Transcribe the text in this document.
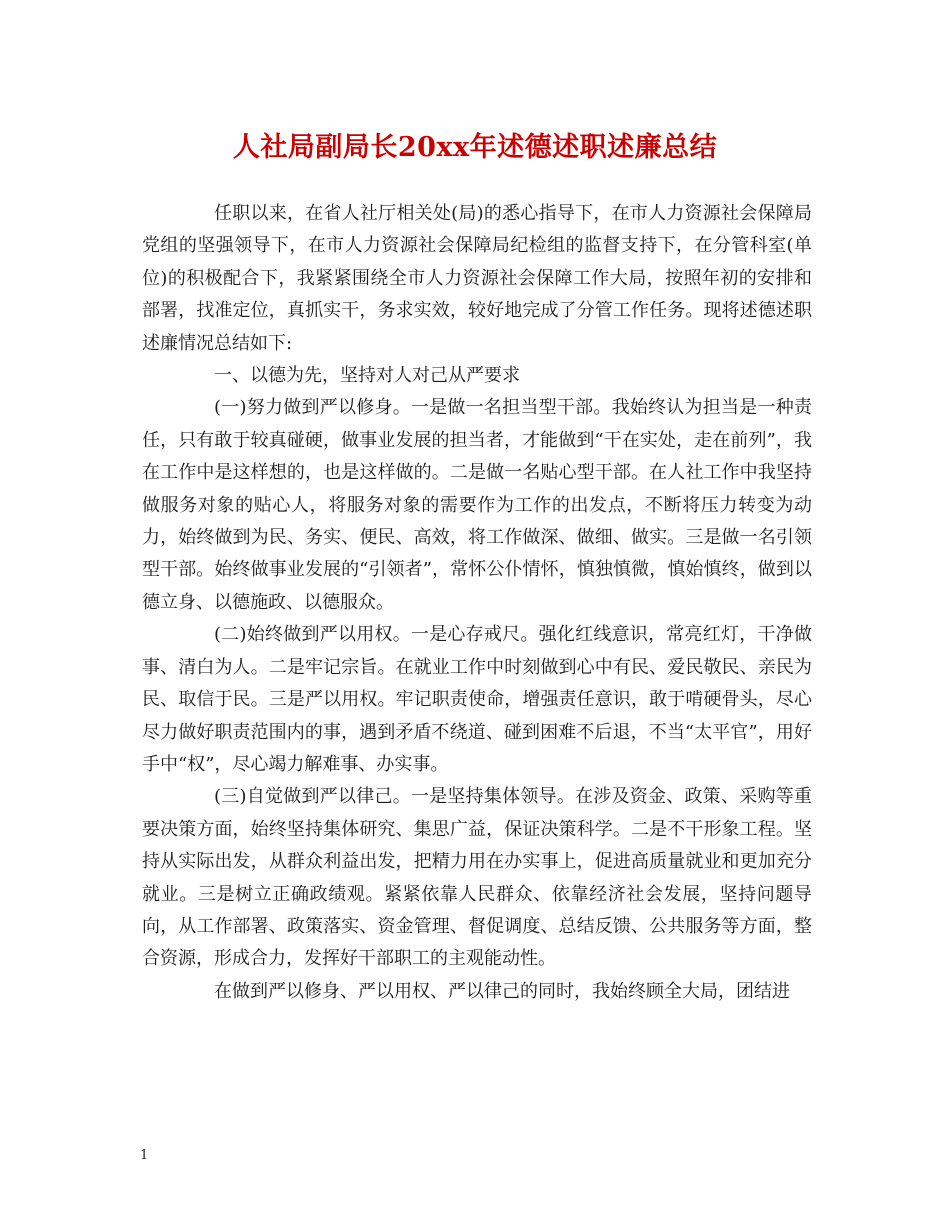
人社局副局长20xx年述德述职述廉总结

任职以来，在省人社厅相关处(局)的悉心指导下，在市人力资源社会保障局党组的坚强领导下，在市人力资源社会保障局纪检组的监督支持下，在分管科室(单位)的积极配合下，我紧紧围绕全市人力资源社会保障工作大局，按照年初的安排和部署，找准定位，真抓实干，务求实效，较好地完成了分管工作任务。现将述德述职述廉情况总结如下:

一、以德为先，坚持对人对己从严要求

(一)努力做到严以修身。一是做一名担当型干部。我始终认为担当是一种责任，只有敢于较真碰硬，做事业发展的担当者，才能做到“干在实处，走在前列”，我在工作中是这样想的，也是这样做的。二是做一名贴心型干部。在人社工作中我坚持做服务对象的贴心人，将服务对象的需要作为工作的出发点，不断将压力转变为动力，始终做到为民、务实、便民、高效，将工作做深、做细、做实。三是做一名引领型干部。始终做事业发展的“引领者”，常怀公仆情怀，慎独慎微，慎始慎终，做到以德立身、以德施政、以德服众。

(二)始终做到严以用权。一是心存戒尺。强化红线意识，常亮红灯，干净做事、清白为人。二是牢记宗旨。在就业工作中时刻做到心中有民、爱民敬民、亲民为民、取信于民。三是严以用权。牢记职责使命，增强责任意识，敢于啃硬骨头，尽心尽力做好职责范围内的事，遇到矛盾不绕道、碰到困难不后退，不当“太平官”，用好手中“权”，尽心竭力解难事、办实事。

(三)自觉做到严以律己。一是坚持集体领导。在涉及资金、政策、采购等重要决策方面，始终坚持集体研究、集思广益，保证决策科学。二是不干形象工程。坚持从实际出发，从群众利益出发，把精力用在办实事上，促进高质量就业和更加充分就业。三是树立正确政绩观。紧紧依靠人民群众、依靠经济社会发展，坚持问题导向，从工作部署、政策落实、资金管理、督促调度、总结反馈、公共服务等方面，整合资源，形成合力，发挥好干部职工的主观能动性。

在做到严以修身、严以用权、严以律己的同时，我始终顾全大局，团结进

1
